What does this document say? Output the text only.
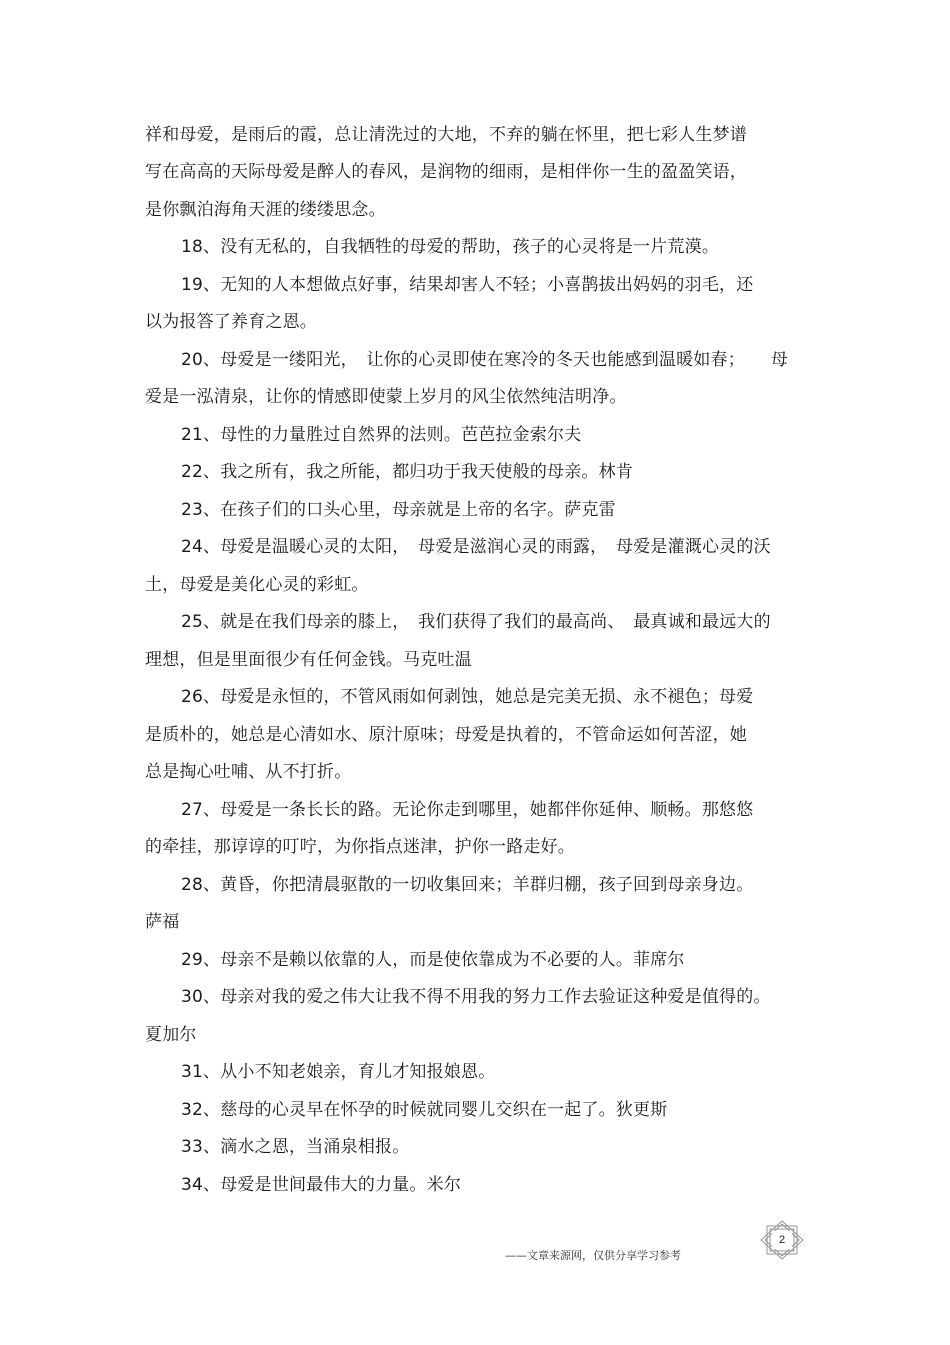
祥和母爱，是雨后的霞，总让清洗过的大地，不弃的躺在怀里，把七彩人生梦谱
写在高高的天际母爱是醉人的春风，是润物的细雨，是相伴你一生的盈盈笑语，
是你飘泊海角天涯的缕缕思念。
18、没有无私的，自我牺牲的母爱的帮助，孩子的心灵将是一片荒漠。
19、无知的人本想做点好事，结果却害人不轻；小喜鹊拔出妈妈的羽毛，还
以为报答了养育之恩。
20、母爱是一缕阳光，　让你的心灵即使在寒冷的冬天也能感到温暖如春；　　母
爱是一泓清泉，让你的情感即使蒙上岁月的风尘依然纯洁明净。
21、母性的力量胜过自然界的法则。芭芭拉金索尔夫
22、我之所有，我之所能，都归功于我天使般的母亲。林肯
23、在孩子们的口头心里，母亲就是上帝的名字。萨克雷
24、母爱是温暖心灵的太阳，　母爱是滋润心灵的雨露，　母爱是灌溉心灵的沃
土，母爱是美化心灵的彩虹。
25、就是在我们母亲的膝上，　我们获得了我们的最高尚、　最真诚和最远大的
理想，但是里面很少有任何金钱。马克吐温
26、母爱是永恒的，不管风雨如何剥蚀，她总是完美无损、永不褪色；母爱
是质朴的，她总是心清如水、原汁原味；母爱是执着的，不管命运如何苦涩，她
总是掏心吐哺、从不打折。
27、母爱是一条长长的路。无论你走到哪里，她都伴你延伸、顺畅。那悠悠
的牵挂，那谆谆的叮咛，为你指点迷津，护你一路走好。
28、黄昏，你把清晨驱散的一切收集回来；羊群归棚，孩子回到母亲身边。
萨福
29、母亲不是赖以依靠的人，而是使依靠成为不必要的人。菲席尔
30、母亲对我的爱之伟大让我不得不用我的努力工作去验证这种爱是值得的。
夏加尔
31、从小不知老娘亲，育儿才知报娘恩。
32、慈母的心灵早在怀孕的时候就同婴儿交织在一起了。狄更斯
33、滴水之恩，当涌泉相报。
34、母爱是世间最伟大的力量。米尔
——文章来源网，仅供分享学习参考
2
